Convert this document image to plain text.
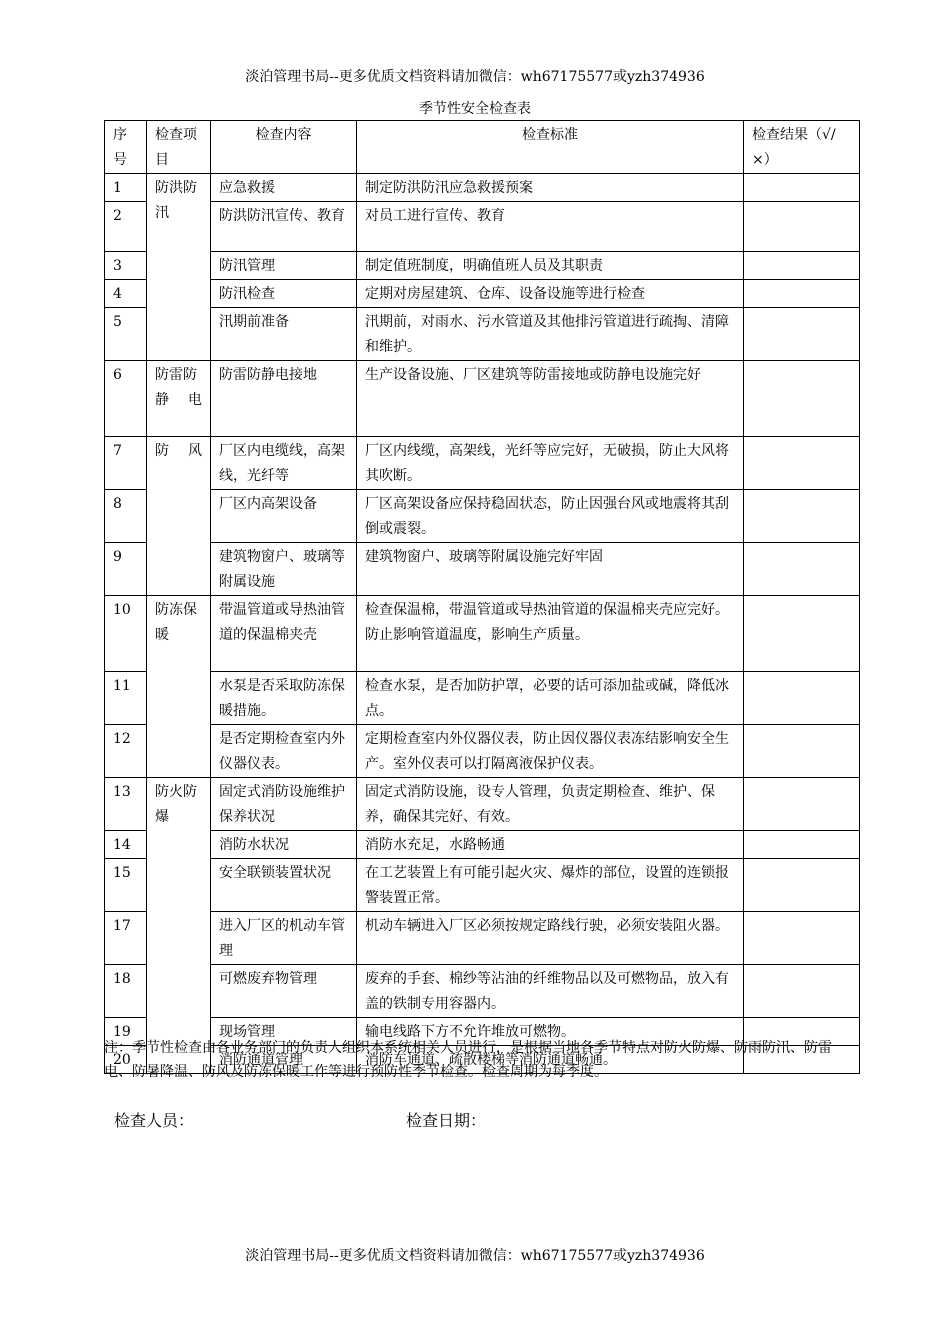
淡泊管理书局--更多优质文档资料请加微信：wh67175577或yzh374936
季节性安全检查表
序号	检查项目	检查内容	检查标准	检查结果（√/×）
1	防洪防汛	应急救援	制定防洪防汛应急救援预案	
2		防洪防汛宣传、教育	对员工进行宣传、教育	
3		防汛管理	制定值班制度，明确值班人员及其职责	
4		防汛检查	定期对房屋建筑、仓库、设备设施等进行检查	
5		汛期前准备	汛期前，对雨水、污水管道及其他排污管道进行疏掏、清障和维护。	
6	防雷防静电	防雷防静电接地	生产设备设施、厂区建筑等防雷接地或防静电设施完好	
7	防风	厂区内电缆线，高架线，光纤等	厂区内线缆，高架线，光纤等应完好，无破损，防止大风将其吹断。	
8		厂区内高架设备	厂区高架设备应保持稳固状态，防止因强台风或地震将其刮倒或震裂。	
9		建筑物窗户、玻璃等附属设施	建筑物窗户、玻璃等附属设施完好牢固	
10	防冻保暖	带温管道或导热油管道的保温棉夹壳	检查保温棉，带温管道或导热油管道的保温棉夹壳应完好。防止影响管道温度，影响生产质量。	
11		水泵是否采取防冻保暖措施。	检查水泵，是否加防护罩，必要的话可添加盐或碱，降低冰点。	
12		是否定期检查室内外仪器仪表。	定期检查室内外仪器仪表，防止因仪器仪表冻结影响安全生产。室外仪表可以打隔离液保护仪表。	
13	防火防爆	固定式消防设施维护保养状况	固定式消防设施，设专人管理，负责定期检查、维护、保养，确保其完好、有效。	
14		消防水状况	消防水充足，水路畅通	
15		安全联锁装置状况	在工艺装置上有可能引起火灾、爆炸的部位，设置的连锁报警装置正常。	
17		进入厂区的机动车管理	机动车辆进入厂区必须按规定路线行驶，必须安装阻火器。	
18		可燃废弃物管理	废弃的手套、棉纱等沾油的纤维物品以及可燃物品，放入有盖的铁制专用容器内。	
19		现场管理	输电线路下方不允许堆放可燃物。	
20		消防通道管理	消防车通道、疏散楼梯等消防通道畅通。	
注：季节性检查由各业务部门的负责人组织本系统相关人员进行，是根据当地各季节特点对防火防爆、防雨防汛、防雷电、防暑降温、防风及防冻保暖工作等进行预防性季节检查。检查周期为每季度。
检查人员：	检查日期：
淡泊管理书局--更多优质文档资料请加微信：wh67175577或yzh374936
